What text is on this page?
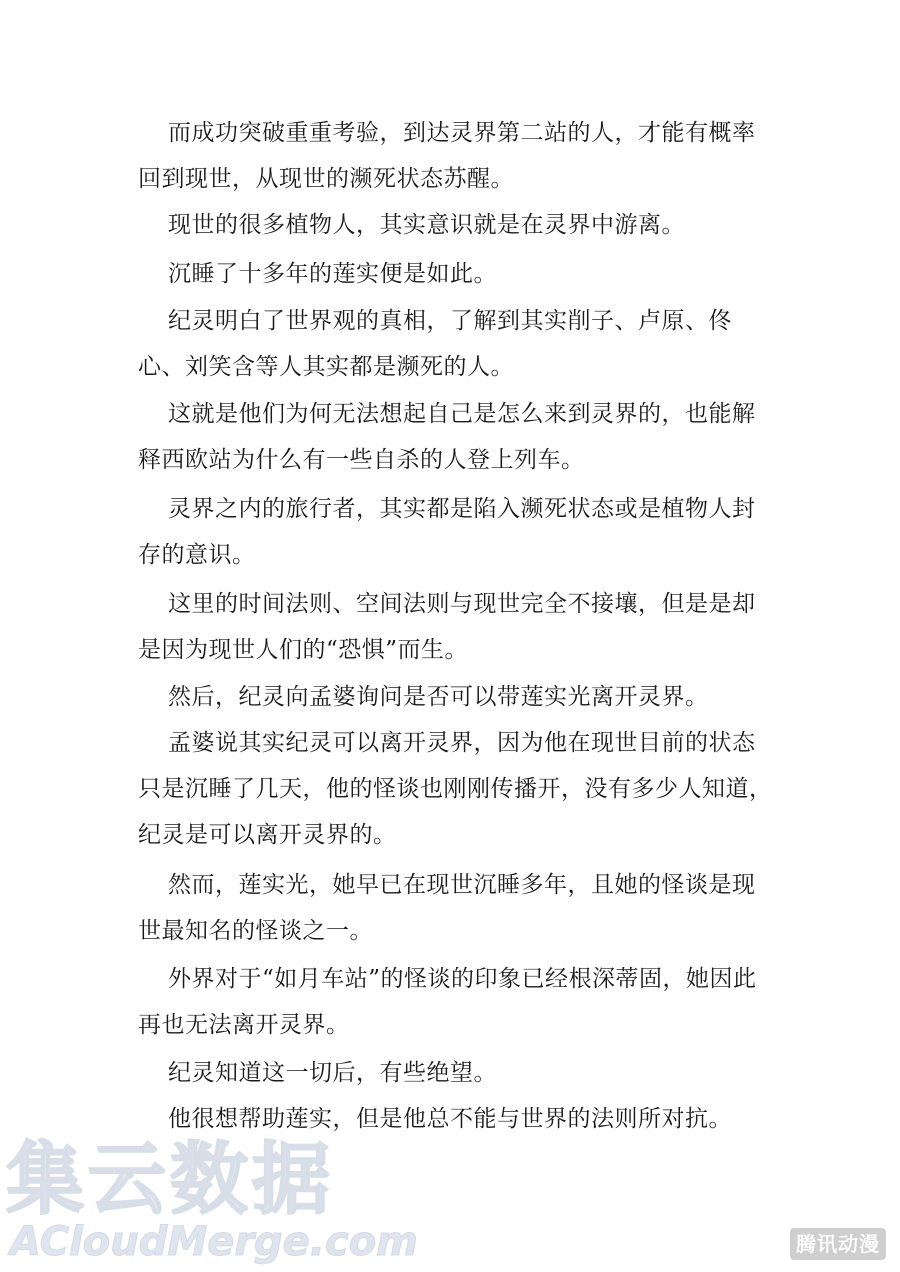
而成功突破重重考验，到达灵界第二站的人，才能有概率回到现世，从现世的濒死状态苏醒。

现世的很多植物人，其实意识就是在灵界中游离。

沉睡了十多年的莲实便是如此。

纪灵明白了世界观的真相，了解到其实削子、卢原、佟心、刘笑含等人其实都是濒死的人。

这就是他们为何无法想起自己是怎么来到灵界的，也能解释西欧站为什么有一些自杀的人登上列车。

灵界之内的旅行者，其实都是陷入濒死状态或是植物人封存的意识。

这里的时间法则、空间法则与现世完全不接壤，但是是却是因为现世人们的“恐惧”而生。

然后，纪灵向孟婆询问是否可以带莲实光离开灵界。

孟婆说其实纪灵可以离开灵界，因为他在现世目前的状态只是沉睡了几天，他的怪谈也刚刚传播开，没有多少人知道，纪灵是可以离开灵界的。

然而，莲实光，她早已在现世沉睡多年，且她的怪谈是现世最知名的怪谈之一。

外界对于“如月车站”的怪谈的印象已经根深蒂固，她因此再也无法离开灵界。

纪灵知道这一切后，有些绝望。

他很想帮助莲实，但是他总不能与世界的法则所对抗。

集云数据
ACloudMerge.com	腾讯动漫
